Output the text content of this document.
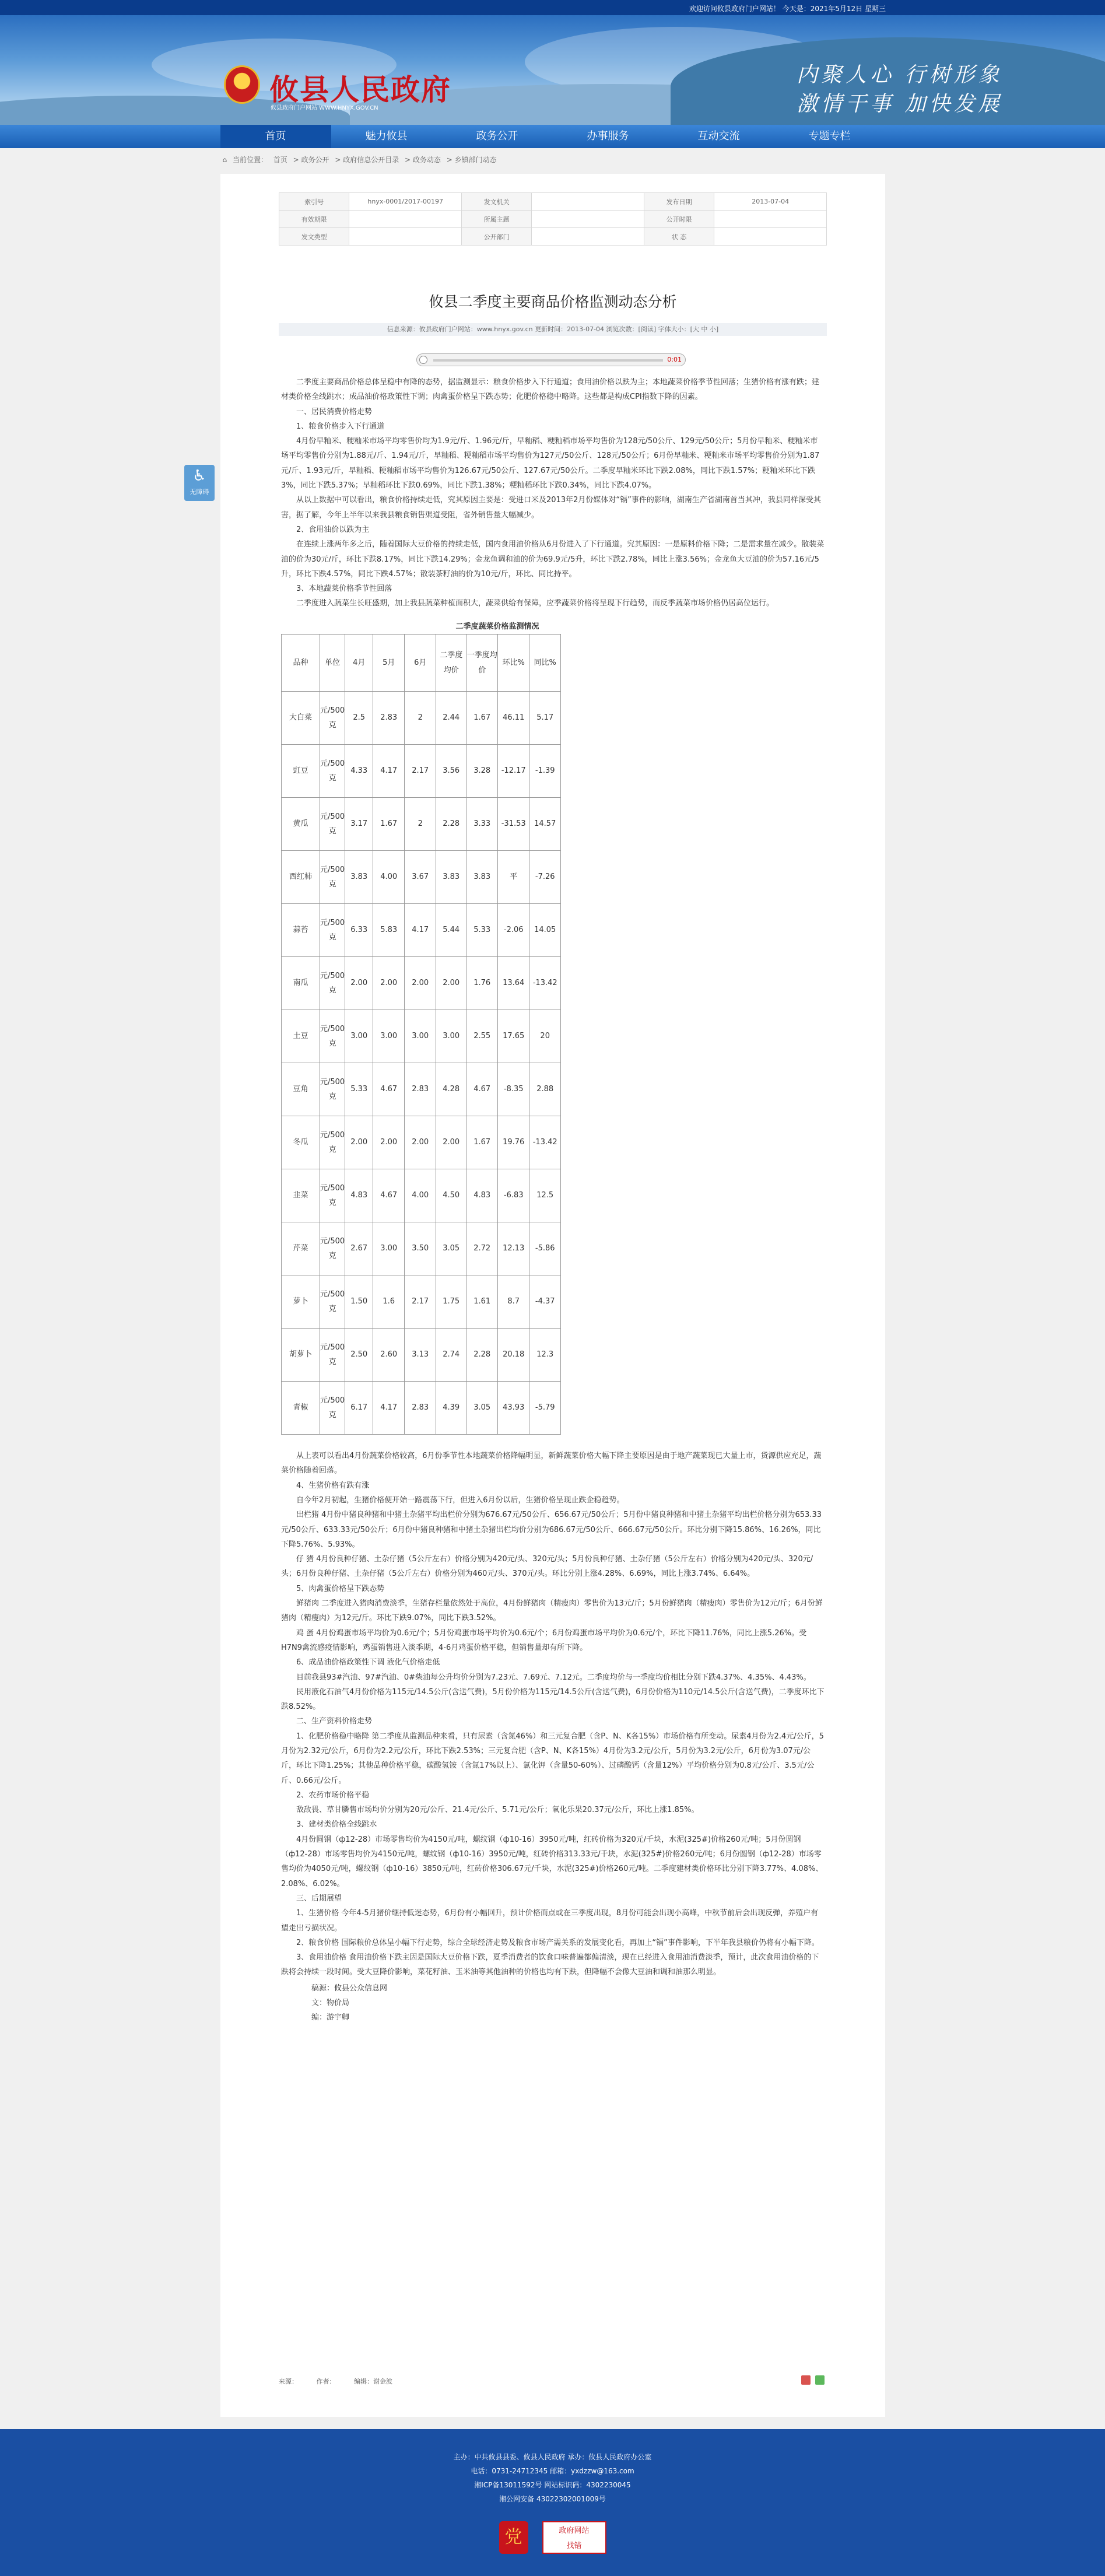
欢迎访问攸县政府门户网站！ 今天是：2021年5月12日 星期三
攸县人民政府
攸县政府门户网站 WWW.HNYX.GOV.CN
内聚人心 行树形象
激情干事 加快发展
首页	魅力攸县	政务公开	办事服务	互动交流	专题专栏
⌂ 当前位置： 首页 > 政务公开 > 政府信息公开目录 > 政务动态 > 乡镇部门动态
♿
无障碍
索引号	hnyx-0001/2017-00197	发文机关		发布日期	2013-07-04
有效期限		所属主题		公开时限	
发文类型		公开部门		状 态	
攸县二季度主要商品价格监测动态分析
信息来源：攸县政府门户网站：www.hnyx.gov.cn 更新时间：2013-07-04 浏览次数：[阅读] 字体大小：[大 中 小]
0:01

二季度主要商品价格总体呈稳中有降的态势，据监测显示：粮食价格步入下行通道；食用油价格以跌为主；本地蔬菜价格季节性回落；生猪价格有涨有跌；建材类价格全线跳水；成品油价格政策性下调；肉禽蛋价格呈下跌态势；化肥价格稳中略降。这些都是构成CPI指数下降的因素。

一、居民消费价格走势

1、粮食价格步入下行通道

4月份早籼米、粳籼米市场平均零售价均为1.9元/斤、1.96元/斤，早籼稻、粳籼稻市场平均售价为128元/50公斤、129元/50公斤；5月份早籼米、粳籼米市场平均零售价分别为1.88元/斤、1.94元/斤，早籼稻、粳籼稻市场平均售价为127元/50公斤、128元/50公斤；6月份早籼米、粳籼米市场平均零售价分别为1.87元/斤、1.93元/斤，早籼稻、粳籼稻市场平均售价为126.67元/50公斤、127.67元/50公斤。二季度早籼米环比下跌2.08%，同比下跌1.57%；粳籼米环比下跌3%，同比下跌5.37%；早籼稻环比下跌0.69%，同比下跌1.38%；粳籼稻环比下跌0.34%，同比下跌4.07%。

从以上数据中可以看出，粮食价格持续走低，究其原因主要是：受进口米及2013年2月份媒体对“镉”事件的影响，湖南生产省湖南首当其冲，我县同样深受其害，据了解，今年上半年以来我县粮食销售渠道受阻，省外销售量大幅减少。

2、食用油价以跌为主

在连续上涨两年多之后，随着国际大豆价格的持续走低，国内食用油价格从6月份进入了下行通道。究其原因：一是原料价格下降；二是需求量在减少。散装菜油的价为30元/斤，环比下跌8.17%，同比下跌14.29%；金龙鱼调和油的价为69.9元/5升，环比下跌2.78%，同比上涨3.56%；金龙鱼大豆油的价为57.16元/5升，环比下跌4.57%，同比下跌4.57%；散装茶籽油的价为10元/斤，环比、同比持平。

3、本地蔬菜价格季节性回落

二季度进入蔬菜生长旺盛期，加上我县蔬菜种植面积大，蔬菜供给有保障，应季蔬菜价格将呈现下行趋势，而反季蔬菜市场价格仍居高位运行。

二季度蔬菜价格监测情况
品种	单位	4月	5月	6月	二季度均价	一季度均价	环比%	同比%
大白菜	元/500克	2.5	2.83	2	2.44	1.67	46.11	5.17
豇豆	元/500克	4.33	4.17	2.17	3.56	3.28	-12.17	-1.39
黄瓜	元/500克	3.17	1.67	2	2.28	3.33	-31.53	14.57
西红柿	元/500克	3.83	4.00	3.67	3.83	3.83	平	-7.26
蒜苔	元/500克	6.33	5.83	4.17	5.44	5.33	-2.06	14.05
南瓜	元/500克	2.00	2.00	2.00	2.00	1.76	13.64	-13.42
土豆	元/500克	3.00	3.00	3.00	3.00	2.55	17.65	20
豆角	元/500克	5.33	4.67	2.83	4.28	4.67	-8.35	2.88
冬瓜	元/500克	2.00	2.00	2.00	2.00	1.67	19.76	-13.42
韭菜	元/500克	4.83	4.67	4.00	4.50	4.83	-6.83	12.5
芹菜	元/500克	2.67	3.00	3.50	3.05	2.72	12.13	-5.86
萝卜	元/500克	1.50	1.6	2.17	1.75	1.61	8.7	-4.37
胡萝卜	元/500克	2.50	2.60	3.13	2.74	2.28	20.18	12.3
青椒	元/500克	6.17	4.17	2.83	4.39	3.05	43.93	-5.79

从上表可以看出4月份蔬菜价格较高，6月份季节性本地蔬菜价格降幅明显，新鲜蔬菜价格大幅下降主要原因是由于地产蔬菜现已大量上市，货源供应充足，蔬菜价格随着回落。

4、生猪价格有跌有涨

自今年2月初起，生猪价格便开始一路震荡下行，但进入6月份以后，生猪价格呈现止跌企稳趋势。

出栏猪 4月份中猪良种猪和中猪土杂猪平均出栏价分别为676.67元/50公斤、656.67元/50公斤；5月份中猪良种猪和中猪土杂猪平均出栏价格分别为653.33元/50公斤、633.33元/50公斤；6月份中猪良种猪和中猪土杂猪出栏均价分别为686.67元/50公斤、666.67元/50公斤。环比分别下降15.86%、16.26%，同比下降5.76%、5.93%。

仔 猪 4月份良种仔猪、土杂仔猪（5公斤左右）价格分别为420元/头、320元/头；5月份良种仔猪、土杂仔猪（5公斤左右）价格分别为420元/头、320元/头；6月份良种仔猪、土杂仔猪（5公斤左右）价格分别为460元/头、370元/头。环比分别上涨4.28%、6.69%，同比上涨3.74%、6.64%。

5、肉禽蛋价格呈下跌态势

鲜猪肉 二季度进入猪肉消费淡季，生猪存栏量依然处于高位，4月份鲜猪肉（精瘦肉）零售价为13元/斤；5月份鲜猪肉（精瘦肉）零售价为12元/斤；6月份鲜猪肉（精瘦肉）为12元/斤。环比下跌9.07%，同比下跌3.52%。

鸡 蛋 4月份鸡蛋市场平均价为0.6元/个；5月份鸡蛋市场平均价为0.6元/个；6月份鸡蛋市场平均价为0.6元/个，环比下降11.76%，同比上涨5.26%。受H7N9禽流感疫情影响，鸡蛋销售进入淡季期，4-6月鸡蛋价格平稳，但销售量却有所下降。

6、成品油价格政策性下调 液化气价格走低

目前我县93#汽油、97#汽油、0#柴油每公升均价分别为7.23元、7.69元、7.12元。二季度均价与一季度均价相比分别下跌4.37%、4.35%、4.43%。

民用液化石油气4月份价格为115元/14.5公斤(含送气费)，5月份价格为115元/14.5公斤(含送气费)，6月份价格为110元/14.5公斤(含送气费)，二季度环比下跌8.52%。

二、生产资料价格走势

1、化肥价格稳中略降 第二季度从监测品种来看，只有尿素（含氮46%）和三元复合肥（含P、N、K各15%）市场价格有所变动。尿素4月份为2.4元/公斤，5月份为2.32元/公斤，6月份为2.2元/公斤，环比下跌2.53%；三元复合肥（含P、N、K各15%）4月份为3.2元/公斤，5月份为3.2元/公斤，6月份为3.07元/公斤，环比下降1.25%；其他品种价格平稳，碳酸氢铵（含氮17%以上）、氯化钾（含量50-60%）、过磷酸钙（含量12%）平均价格分别为0.8元/公斤、3.5元/公斤、0.66元/公斤。

2、农药市场价格平稳

敌敌畏、草甘膦售市场均价分别为20元/公斤、21.4元/公斤、5.71元/公斤；氧化乐果20.37元/公斤，环比上涨1.85%。

3、建材类价格全线跳水

4月份圆钢（ф12-28）市场零售均价为4150元/吨，螺纹钢（ф10-16）3950元/吨，红砖价格为320元/千块，水泥(325#)价格260元/吨；5月份圆钢（ф12-28）市场零售均价为4150元/吨，螺纹钢（ф10-16）3950元/吨，红砖价格313.33元/千块，水泥(325#)价格260元/吨；6月份圆钢（ф12-28）市场零售均价为4050元/吨，螺纹钢（ф10-16）3850元/吨，红砖价格306.67元/千块，水泥(325#)价格260元/吨。二季度建材类价格环比分别下降3.77%、4.08%、2.08%、6.02%。

三、后期展望

1、生猪价格 今年4-5月猪价继持低迷态势，6月份有小幅回升，预计价格而点或在三季度出现，8月份可能会出现小高峰，中秋节前后会出现反弹，养殖户有望走出亏损状况。

2、粮食价格 国际粮价总体呈小幅下行走势，综合全球经济走势及粮食市场产需关系的发展变化看，再加上“镉”事件影响，下半年我县粮价仍将有小幅下降。

3、食用油价格 食用油价格下跌主因是国际大豆价格下跌，夏季消费者的饮食口味普遍都偏清淡，现在已经进入食用油消费淡季，预计，此次食用油价格的下跌将会持续一段时间。受大豆降价影响，菜花籽油、玉米油等其他油种的价格也均有下跌，但降幅不会像大豆油和调和油那么明显。

稿源：攸县公众信息网

文：物价局

编：游宇卿

来源：	作者：	编辑：谢金波

主办：中共攸县县委、攸县人民政府 承办：攸县人民政府办公室
电话：0731-24712345 邮箱：yxdzzw@163.com
湘ICP备13011592号 网站标识码：4302230045
湘公网安备 43022302001009号
党	政府网站
找错
